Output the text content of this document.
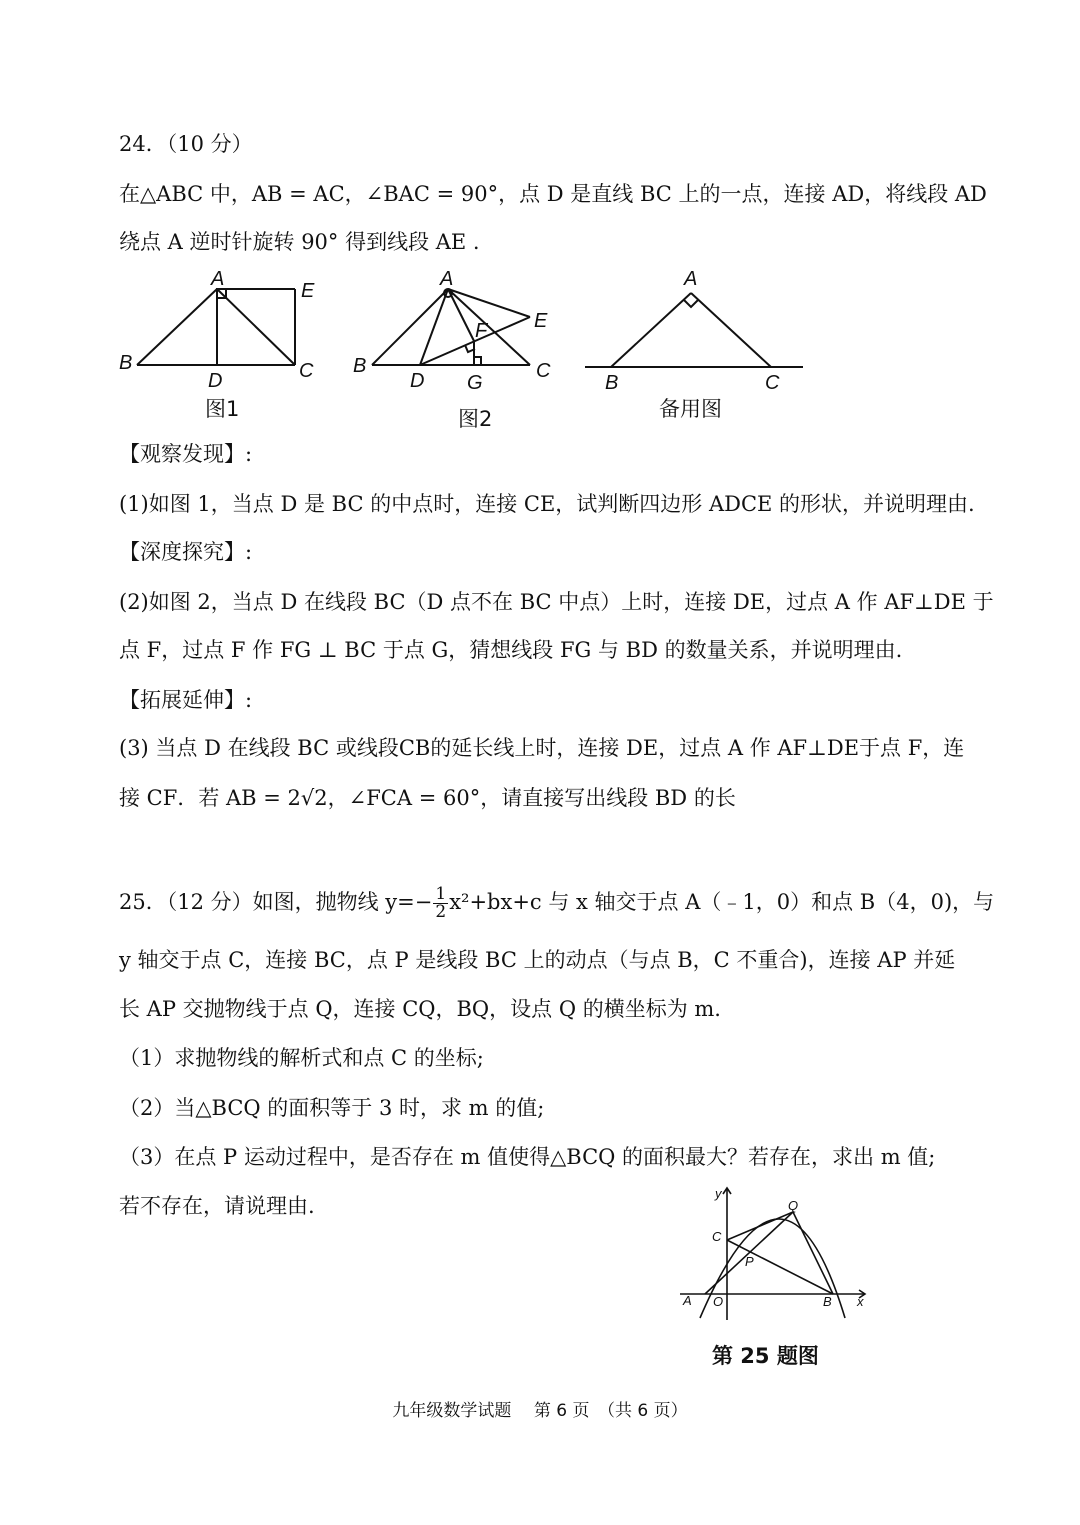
24．（10 分）
在△ABC 中，AB = AC，∠BAC = 90°，点 D 是直线 BC 上的一点，连接 AD，将线段 AD
绕点 A 逆时针旋转 90° 得到线段 AE .
A
E
B
D	C
图1
A
E
F
B
D G
C
图2
A
B	C
备用图
【观察发现】:
(1)如图 1，当点 D 是 BC 的中点时，连接 CE，试判断四边形 ADCE 的形状，并说明理由.
【深度探究】:
(2)如图 2，当点 D 在线段 BC（D 点不在 BC 中点）上时，连接 DE，过点 A 作 AF⊥DE 于
点 F，过点 F 作 FG ⊥ BC 于点 G，猜想线段 FG 与 BD 的数量关系，并说明理由.
【拓展延伸】:
(3) 当点 D 在线段 BC 或线段CB的延长线上时，连接 DE，过点 A 作 AF⊥DE于点 F，连
接 CF．若 AB = 2√2，∠FCA = 60°，请直接写出线段 BD 的长
25．（12 分）如图，抛物线 $y=- \frac{1}{2} x^2+bx+c$ 与 x 轴交于点 A（﹣1，0）和点 B（4，0)，与
y 轴交于点 C，连接 BC，点 P 是线段 BC 上的动点（与点 B，C 不重合)，连接 AP 并延
长 AP 交抛物线于点 Q，连接 CQ，BQ，设点 Q 的横坐标为 m.
（1）求抛物线的解析式和点 C 的坐标;
（2）当△BCQ 的面积等于 3 时，求 m 的值;
（3）在点 P 运动过程中，是否存在 m 值使得△BCQ 的面积最大？若存在，求出 m 值;
若不存在，请说理由.
y
x
Q
C
P
A O	B
第 25 题图
九年级数学试题　 第 6 页　（共 6 页）
